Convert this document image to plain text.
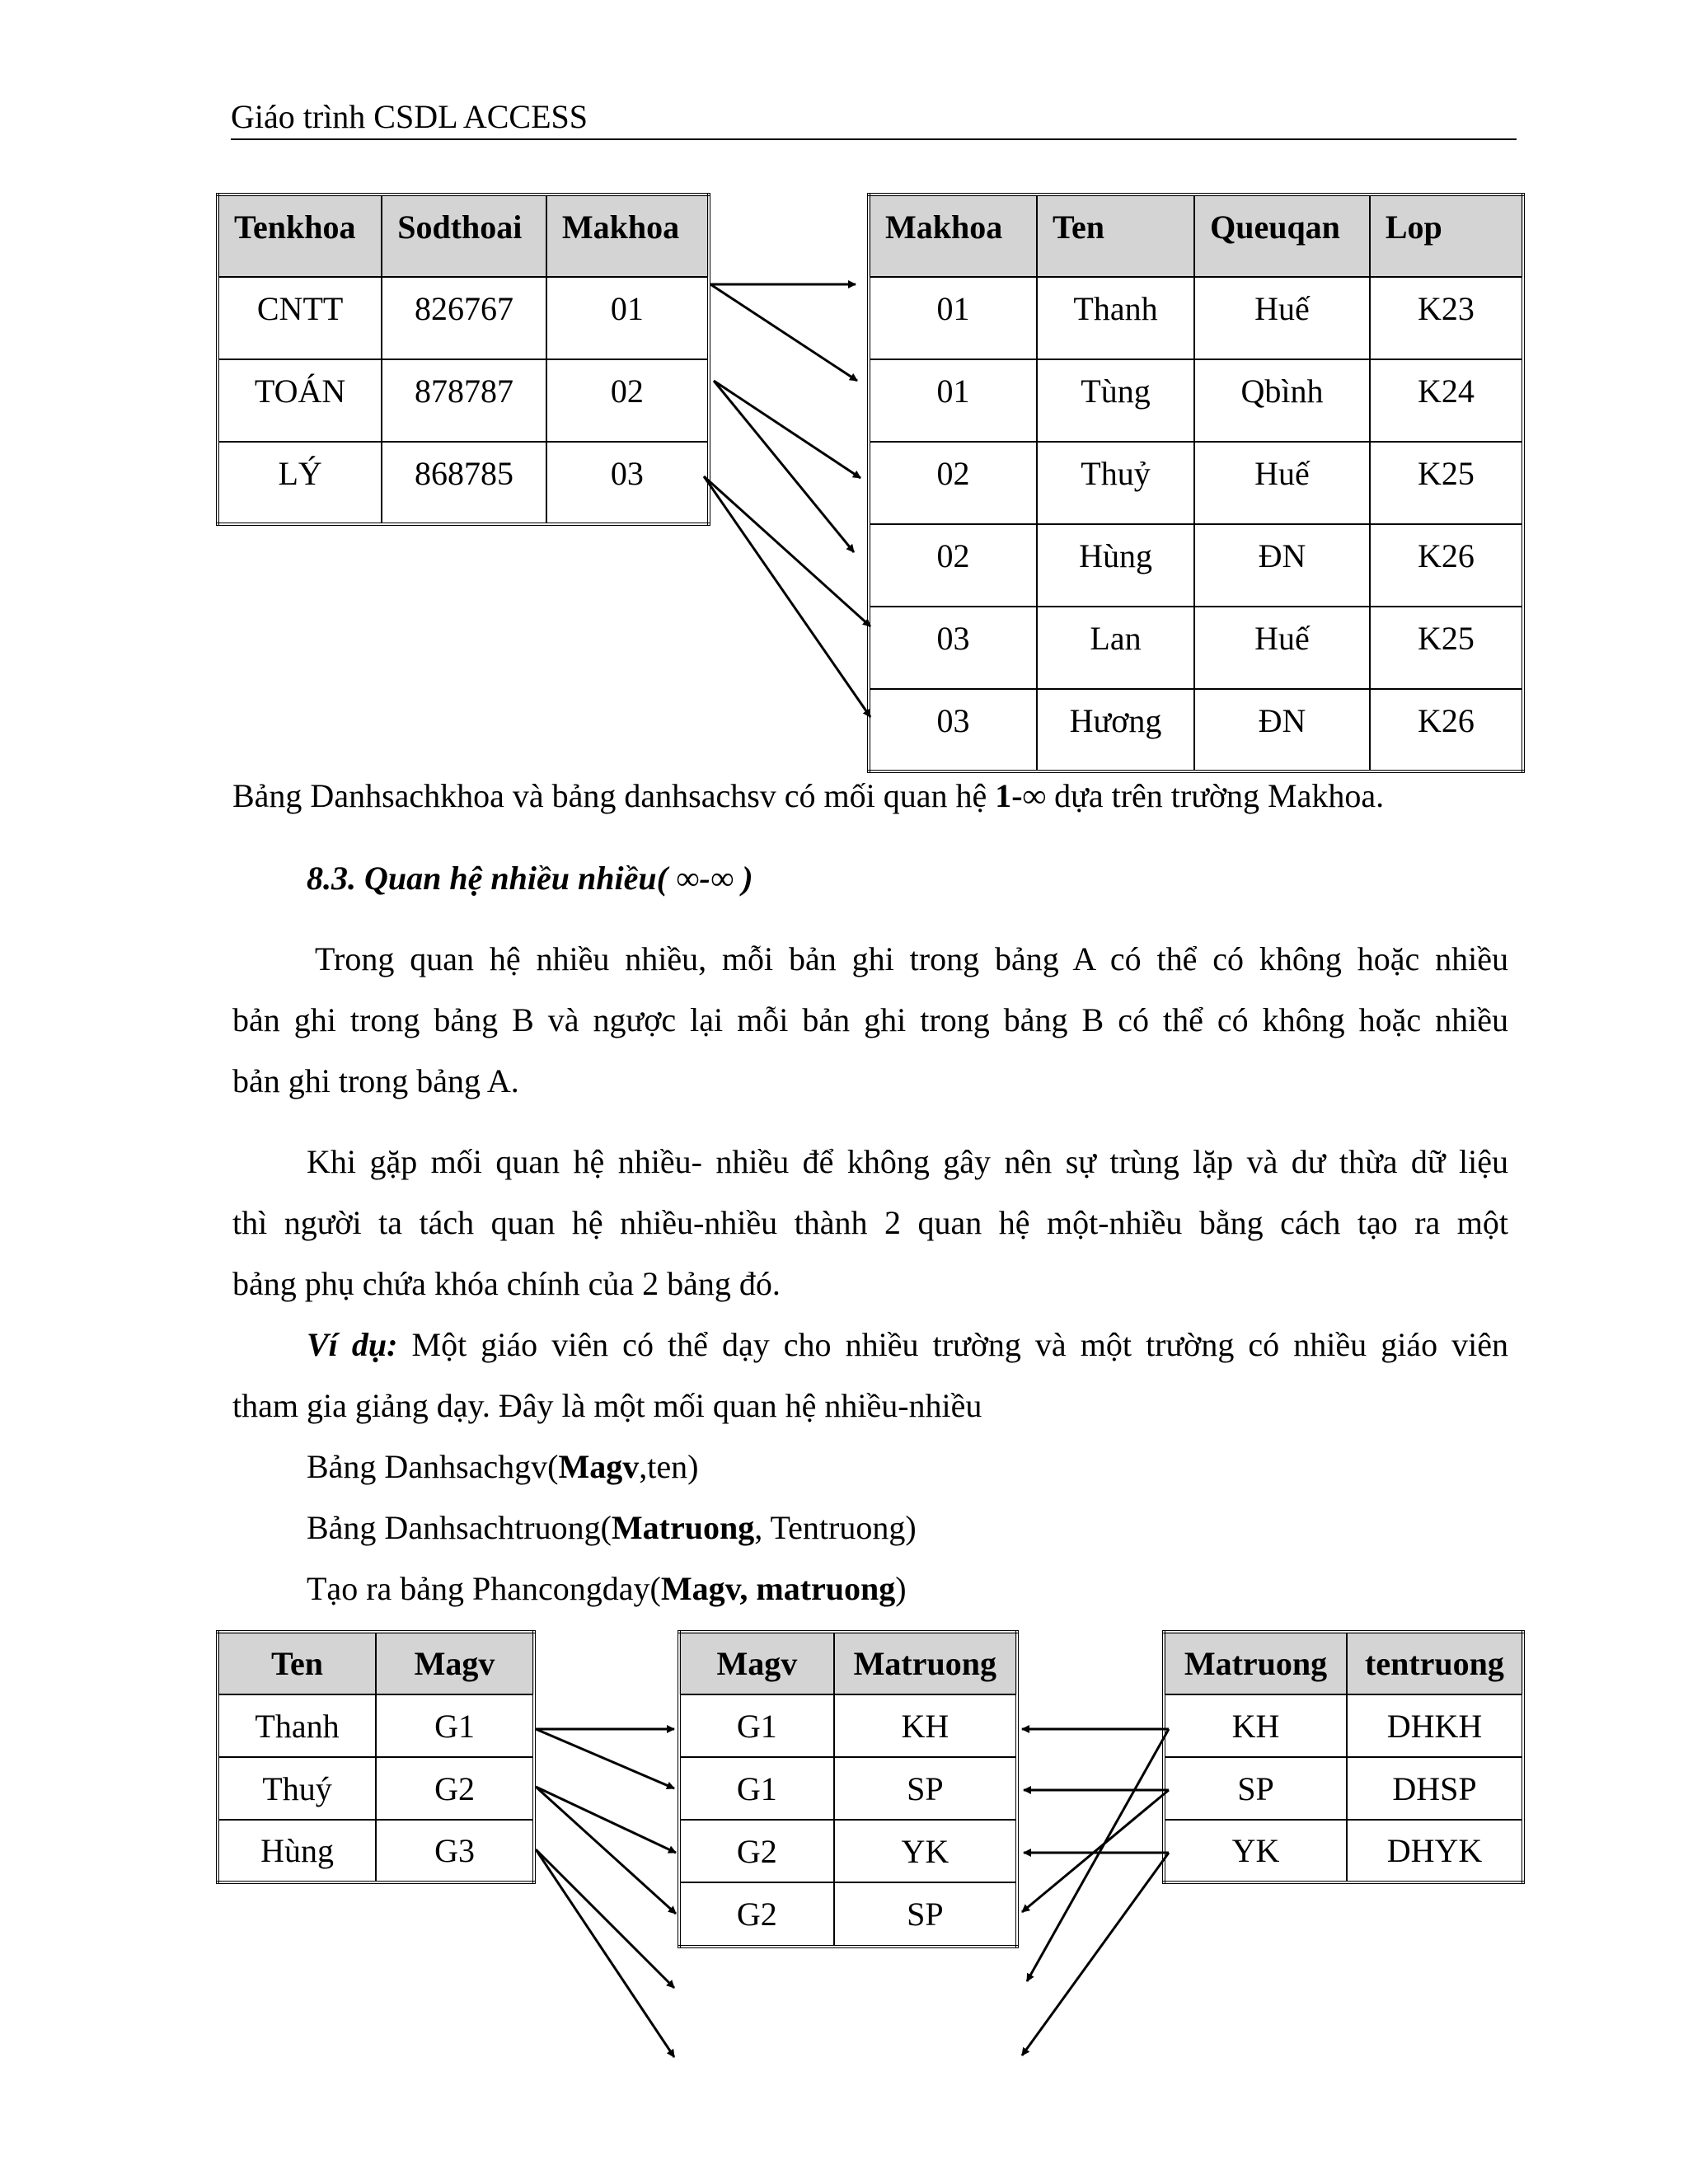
Giáo trình CSDL ACCESS
Tenkhoa	Sodthoai	Makhoa
CNTT	826767	01
TOÁN	878787	02
LÝ	868785	03
Makhoa	Ten	Queuqan	Lop
01	Thanh	Huế	K23
01	Tùng	Qbình	K24
02	Thuỷ	Huế	K25
02	Hùng	ĐN	K26
03	Lan	Huế	K25
03	Hương	ĐN	K26
Bảng Danhsachkhoa và bảng danhsachsv có mối quan hệ 1-∞ dựa trên trường Makhoa.
8.3. Quan hệ nhiều nhiều( ∞-∞ )
Trong quan hệ nhiều nhiều, mỗi bản ghi trong bảng A có thể có không hoặc nhiều
bản ghi trong bảng B và ngược lại mỗi bản ghi trong bảng B có thể có không hoặc nhiều
bản ghi trong bảng A.
Khi gặp mối quan hệ nhiều- nhiều để không gây nên sự trùng lặp và dư thừa dữ liệu
thì người ta tách quan hệ nhiều-nhiều thành 2 quan hệ một-nhiều bằng cách tạo ra một
bảng phụ chứa khóa chính của 2 bảng đó.
Ví dụ: Một giáo viên có thể dạy cho nhiều trường và một trường có nhiều giáo viên
tham gia giảng dạy. Đây là một mối quan hệ nhiều-nhiều
Bảng Danhsachgv(Magv,ten)
Bảng Danhsachtruong(Matruong, Tentruong)
Tạo ra bảng Phancongday(Magv, matruong)
Ten	Magv
Thanh	G1
Thuý	G2
Hùng	G3
Magv	Matruong
G1	KH
G1	SP
G2	YK
G2	SP
Matruong	tentruong
KH	DHKH
SP	DHSP
YK	DHYK
